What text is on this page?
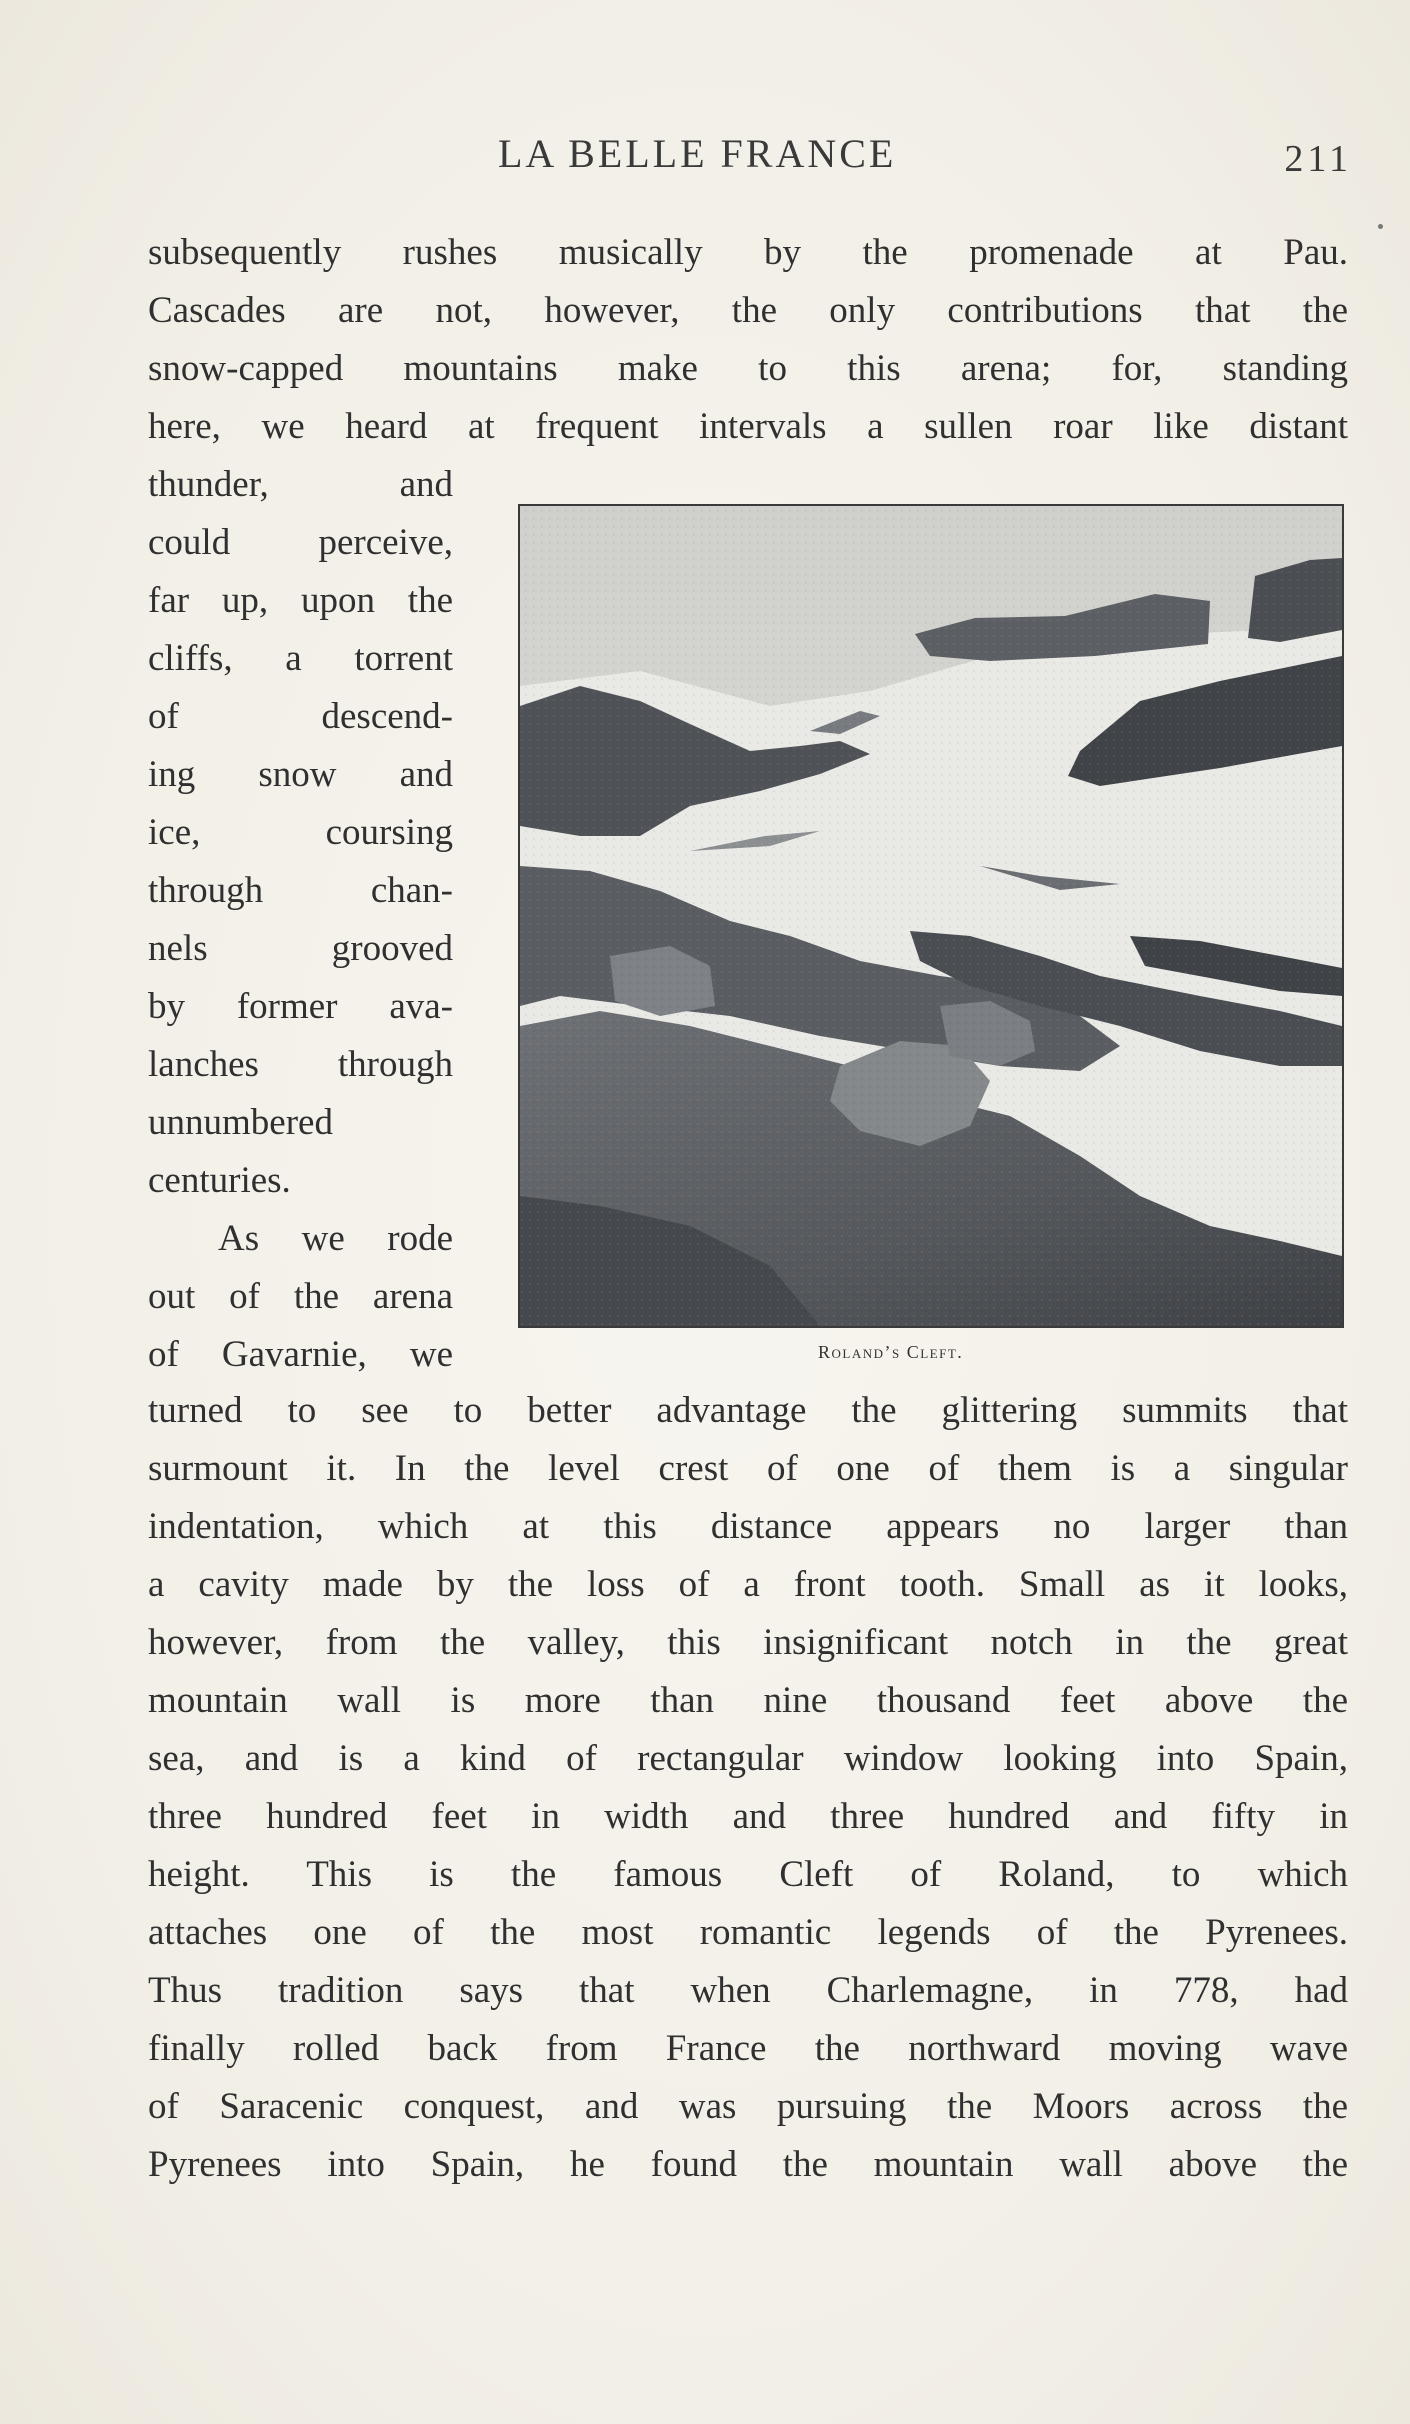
LA BELLE FRANCE	211
subsequently rushes musically by the promenade at Pau.
Cascades are not, however, the only contributions that the
snow-capped mountains make to this arena; for, standing
here, we heard at frequent intervals a sullen roar like distant
thunder, and
could perceive,
far up, upon the
cliffs, a torrent
of descend-
ing snow and
ice, coursing
through chan-
nels grooved
by former ava-
lanches through
unnumbered
centuries.
As we rode
out of the arena
of Gavarnie, we	Roland’s Cleft.
turned to see to better advantage the glittering summits that
surmount it. In the level crest of one of them is a singular
indentation, which at this distance appears no larger than
a cavity made by the loss of a front tooth. Small as it looks,
however, from the valley, this insignificant notch in the great
mountain wall is more than nine thousand feet above the
sea, and is a kind of rectangular window looking into Spain,
three hundred feet in width and three hundred and fifty in
height. This is the famous Cleft of Roland, to which
attaches one of the most romantic legends of the Pyrenees.
Thus tradition says that when Charlemagne, in 778, had
finally rolled back from France the northward moving wave
of Saracenic conquest, and was pursuing the Moors across the
Pyrenees into Spain, he found the mountain wall above the
